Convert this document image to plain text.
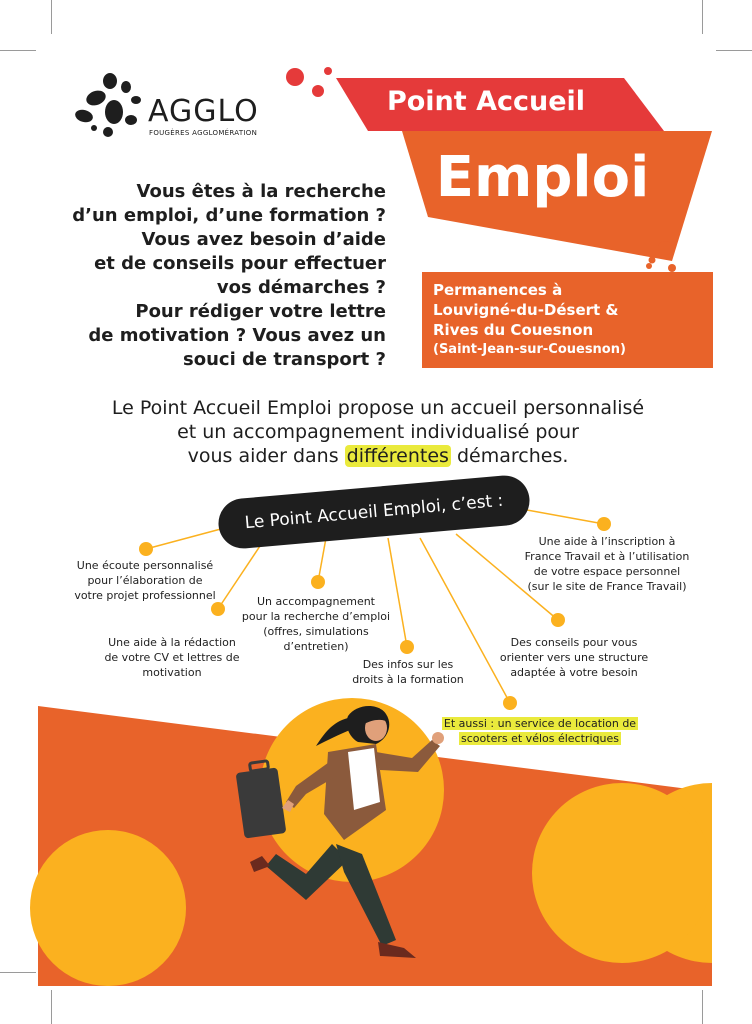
AGGLO
FOUGÈRES AGGLOMÉRATION
Point Accueil
Emploi
Vous êtes à la recherche
d’un emploi, d’une formation ?
Vous avez besoin d’aide
et de conseils pour effectuer
vos démarches ?
Pour rédiger votre lettre
de motivation ? Vous avez un
souci de transport ?
Permanences à
Louvigné-du-Désert &
Rives du Couesnon
(Saint-Jean-sur-Couesnon)
Le Point Accueil Emploi propose un accueil personnalisé
et un accompagnement individualisé pour
vous aider dans différentes démarches.
Le Point Accueil Emploi, c’est :
Une écoute personnalisé
pour l’élaboration de
votre projet professionnel
Une aide à la rédaction
de votre CV et lettres de
motivation
Un accompagnement
pour la recherche d’emploi
(offres, simulations
d’entretien)
Des infos sur les
droits à la formation
Des conseils pour vous
orienter vers une structure
adaptée à votre besoin
Une aide à l’inscription à
France Travail et à l’utilisation
de votre espace personnel
(sur le site de France Travail)
Et aussi : un service de location de
scooters et vélos électriques
